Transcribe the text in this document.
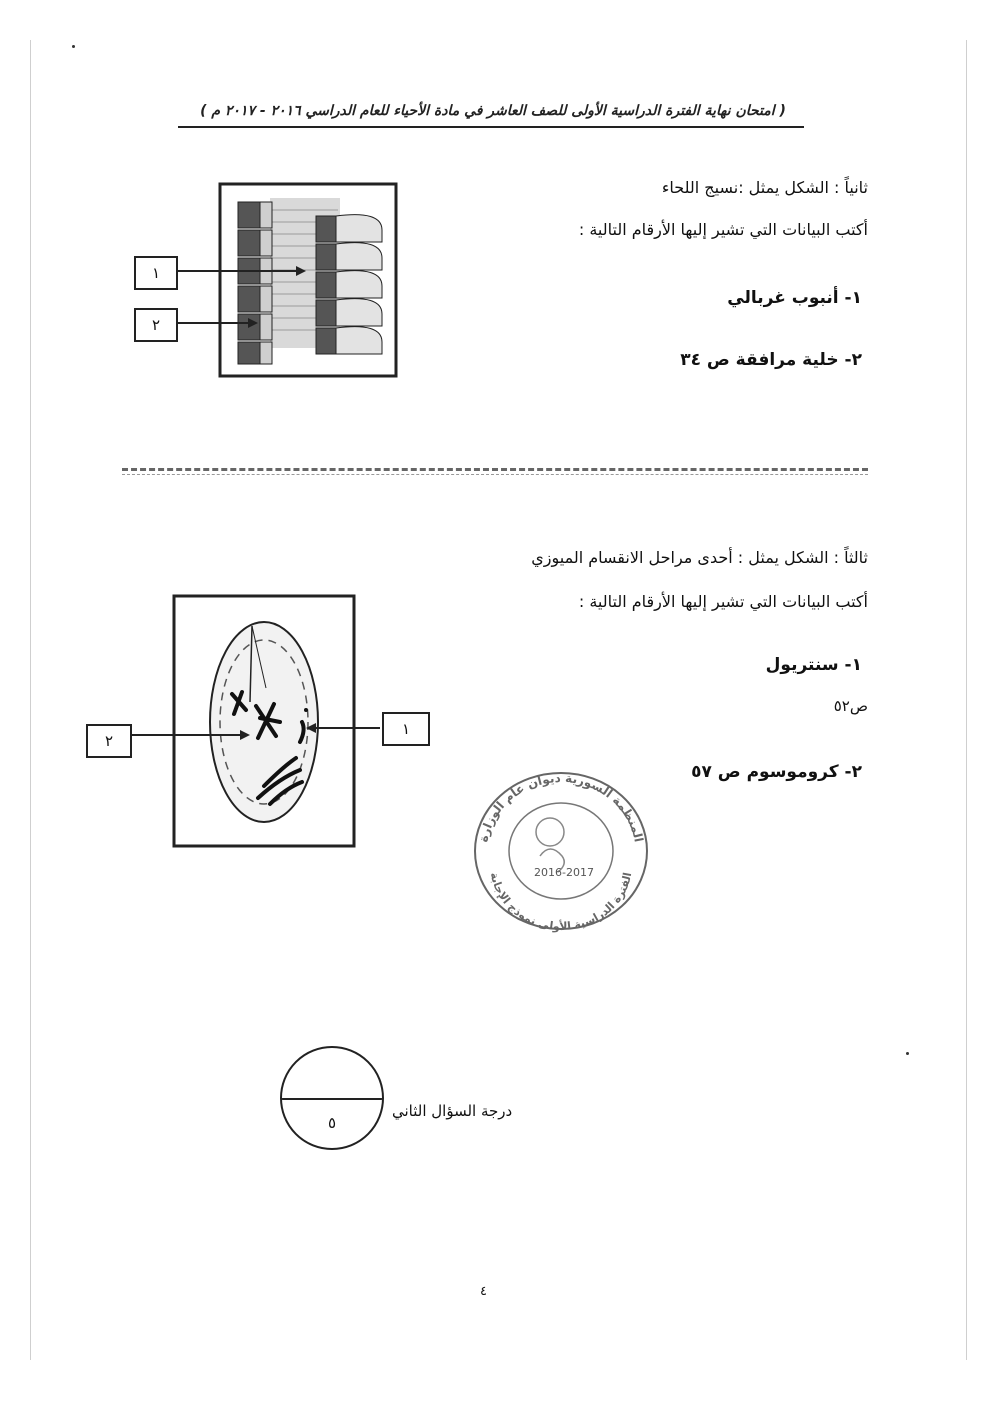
( امتحان نهاية الفترة الدراسية الأولى للصف العاشر في مادة الأحياء للعام الدراسي ٢٠١٦ - ٢٠١٧ م )
ثانياً : الشكل يمثل :نسيج اللحاء
أكتب البيانات التي تشير إليها الأرقام التالية :
١- أنبوب غربالي
٢- خلية مرافقة ص ٣٤
١
٢
ثالثاً : الشكل يمثل : أحدى مراحل الانقسام الميوزي
أكتب البيانات التي تشير إليها الأرقام التالية :
١- سنتريول
ص٥٢
٢- كروموسوم ص ٥٧
٢
١
المنظمة السورية ديوان عام الوزارة
الفترة الدراسية الأولى نموذج الإجابة
2016-2017
٥
درجة السؤال الثاني
٤
